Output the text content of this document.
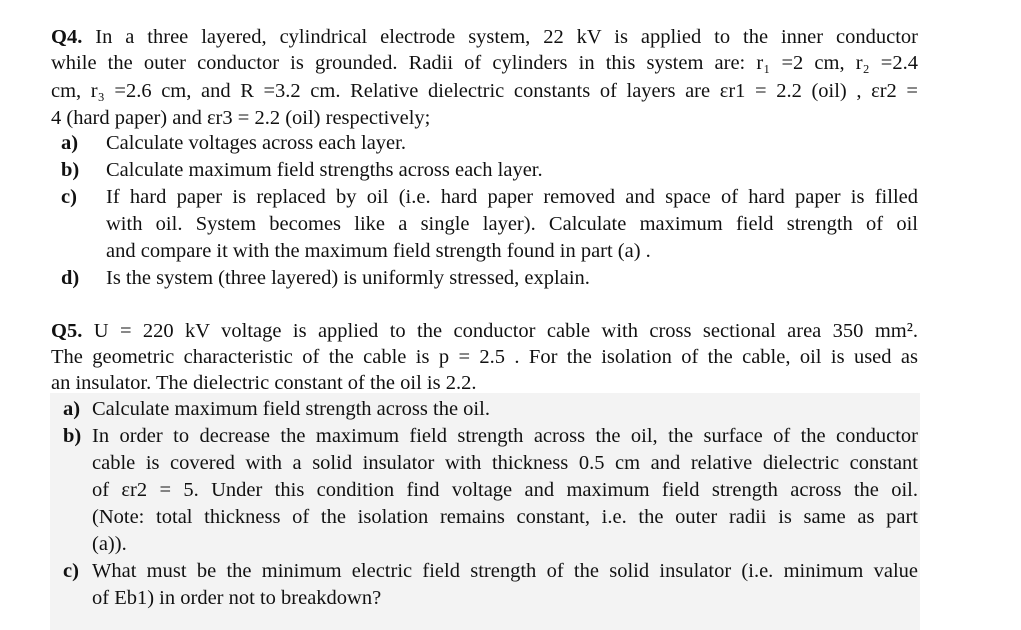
Q4. In a three layered, cylindrical electrode system, 22 kV is applied to the inner conductor
while the outer conductor is grounded. Radii of cylinders in this system are: r₁ =2 cm, r₂ =2.4
cm, r₃ =2.6 cm, and R =3.2 cm. Relative dielectric constants of layers are εr1 = 2.2 (oil) , εr2 =
4 (hard paper) and εr3 = 2.2 (oil) respectively;
a) Calculate voltages across each layer.
b) Calculate maximum field strengths across each layer.
c) If hard paper is replaced by oil (i.e. hard paper removed and space of hard paper is filled
with oil. System becomes like a single layer). Calculate maximum field strength of oil
and compare it with the maximum field strength found in part (a) .
d) Is the system (three layered) is uniformly stressed, explain.
Q5. U = 220 kV voltage is applied to the conductor cable with cross sectional area 350 mm².
The geometric characteristic of the cable is p = 2.5 . For the isolation of the cable, oil is used as
an insulator. The dielectric constant of the oil is 2.2.
a) Calculate maximum field strength across the oil.
b) In order to decrease the maximum field strength across the oil, the surface of the conductor
cable is covered with a solid insulator with thickness 0.5 cm and relative dielectric constant
of εr2 = 5. Under this condition find voltage and maximum field strength across the oil.
(Note: total thickness of the isolation remains constant, i.e. the outer radii is same as part
(a)).
c) What must be the minimum electric field strength of the solid insulator (i.e. minimum value
of Eb1) in order not to breakdown?
